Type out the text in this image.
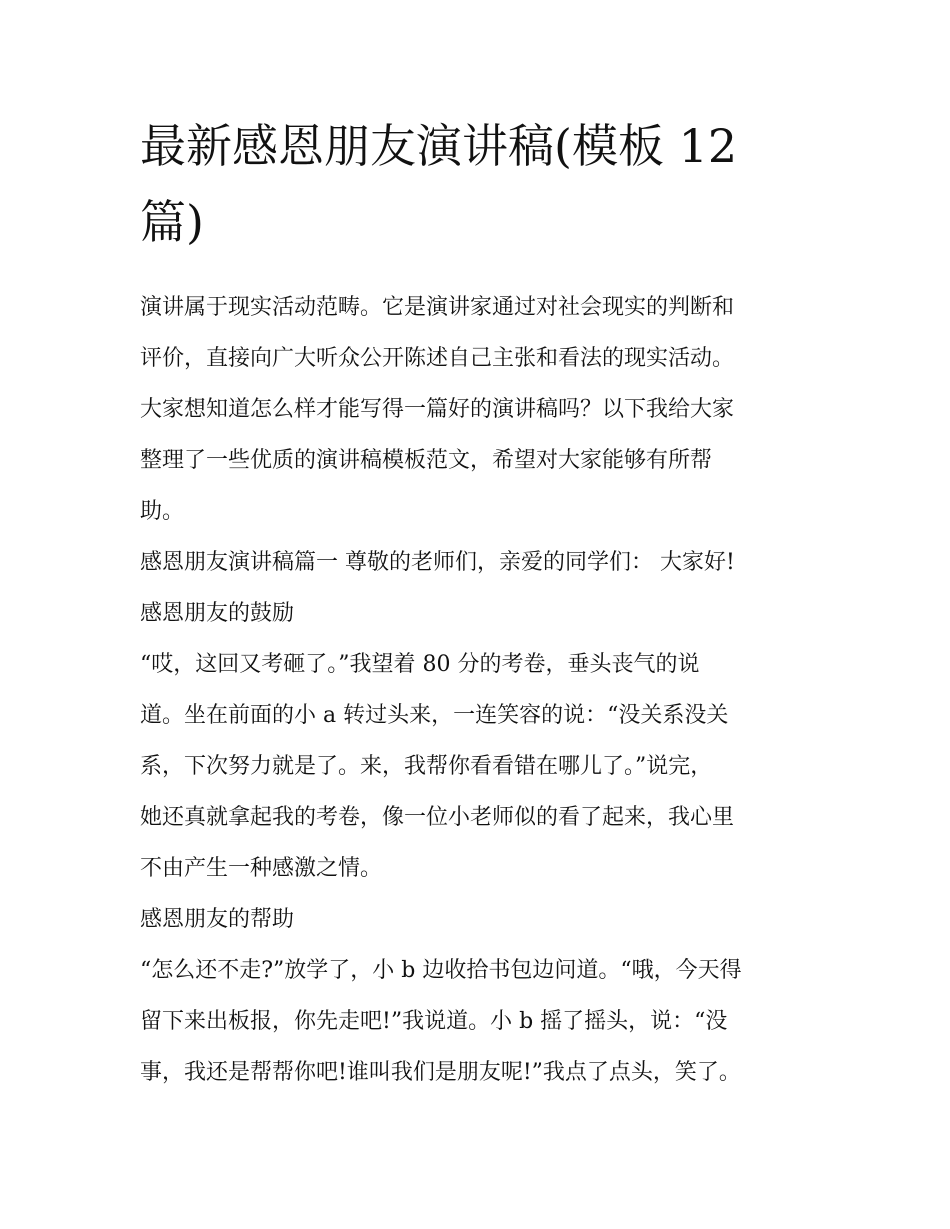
最新感恩朋友演讲稿(模板 12
篇)
演讲属于现实活动范畴。它是演讲家通过对社会现实的判断和
评价，直接向广大听众公开陈述自己主张和看法的现实活动。
大家想知道怎么样才能写得一篇好的演讲稿吗？以下我给大家
整理了一些优质的演讲稿模板范文，希望对大家能够有所帮
助。
感恩朋友演讲稿篇一 尊敬的老师们，亲爱的同学们： 大家好!
感恩朋友的鼓励
“哎，这回又考砸了。”我望着 80 分的考卷，垂头丧气的说
道。坐在前面的小 a 转过头来，一连笑容的说：“没关系没关
系，下次努力就是了。来，我帮你看看错在哪儿了。”说完，
她还真就拿起我的考卷，像一位小老师似的看了起来，我心里
不由产生一种感激之情。
感恩朋友的帮助
“怎么还不走?”放学了，小 b 边收拾书包边问道。“哦，今天得
留下来出板报，你先走吧!”我说道。小 b 摇了摇头，说：“没
事，我还是帮帮你吧!谁叫我们是朋友呢!”我点了点头，笑了。
